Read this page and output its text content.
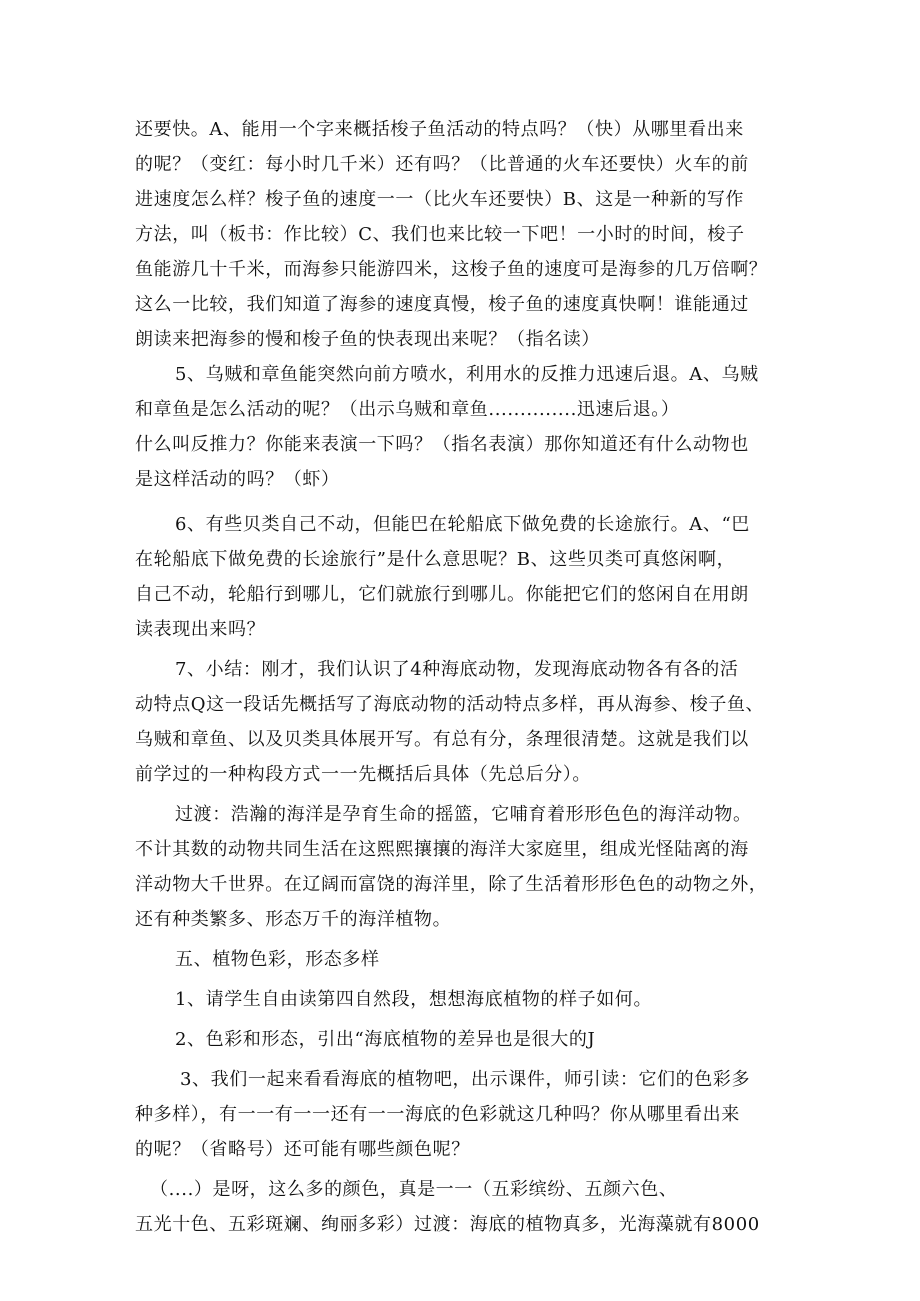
还要快。A、能用一个字来概括梭子鱼活动的特点吗？（快）从哪里看出来
的呢？（变红：每小时几千米）还有吗？（比普通的火车还要快）火车的前
进速度怎么样？梭子鱼的速度一一（比火车还要快）B、这是一种新的写作
方法，叫（板书：作比较）C、我们也来比较一下吧！一小时的时间，梭子
鱼能游几十千米，而海参只能游四米，这梭子鱼的速度可是海参的几万倍啊？
这么一比较，我们知道了海参的速度真慢，梭子鱼的速度真快啊！谁能通过
朗读来把海参的慢和梭子鱼的快表现出来呢？（指名读）
5、乌贼和章鱼能突然向前方喷水，利用水的反推力迅速后退。A、乌贼
和章鱼是怎么活动的呢？（出示乌贼和章鱼..............迅速后退。）
什么叫反推力？你能来表演一下吗？（指名表演）那你知道还有什么动物也
是这样活动的吗？（虾）
6、有些贝类自己不动，但能巴在轮船底下做免费的长途旅行。A、“巴
在轮船底下做免费的长途旅行”是什么意思呢？B、这些贝类可真悠闲啊，
自己不动，轮船行到哪儿，它们就旅行到哪儿。你能把它们的悠闲自在用朗
读表现出来吗？
7、小结：刚才，我们认识了4种海底动物，发现海底动物各有各的活
动特点Q这一段话先概括写了海底动物的活动特点多样，再从海参、梭子鱼、
乌贼和章鱼、以及贝类具体展开写。有总有分，条理很清楚。这就是我们以
前学过的一种构段方式一一先概括后具体（先总后分）。
过渡：浩瀚的海洋是孕育生命的摇篮，它哺育着形形色色的海洋动物。
不计其数的动物共同生活在这熙熙攘攘的海洋大家庭里，组成光怪陆离的海
洋动物大千世界。在辽阔而富饶的海洋里，除了生活着形形色色的动物之外，
还有种类繁多、形态万千的海洋植物。
五、植物色彩，形态多样
1、请学生自由读第四自然段，想想海底植物的样子如何。
2、色彩和形态，引出“海底植物的差异也是很大的J
3、我们一起来看看海底的植物吧，出示课件，师引读：它们的色彩多
种多样），有一一有一一还有一一海底的色彩就这几种吗？你从哪里看出来
的呢？（省略号）还可能有哪些颜色呢？
（....）是呀，这么多的颜色，真是一一（五彩缤纷、五颜六色、
五光十色、五彩斑斓、绚丽多彩）过渡：海底的植物真多，光海藻就有8000
